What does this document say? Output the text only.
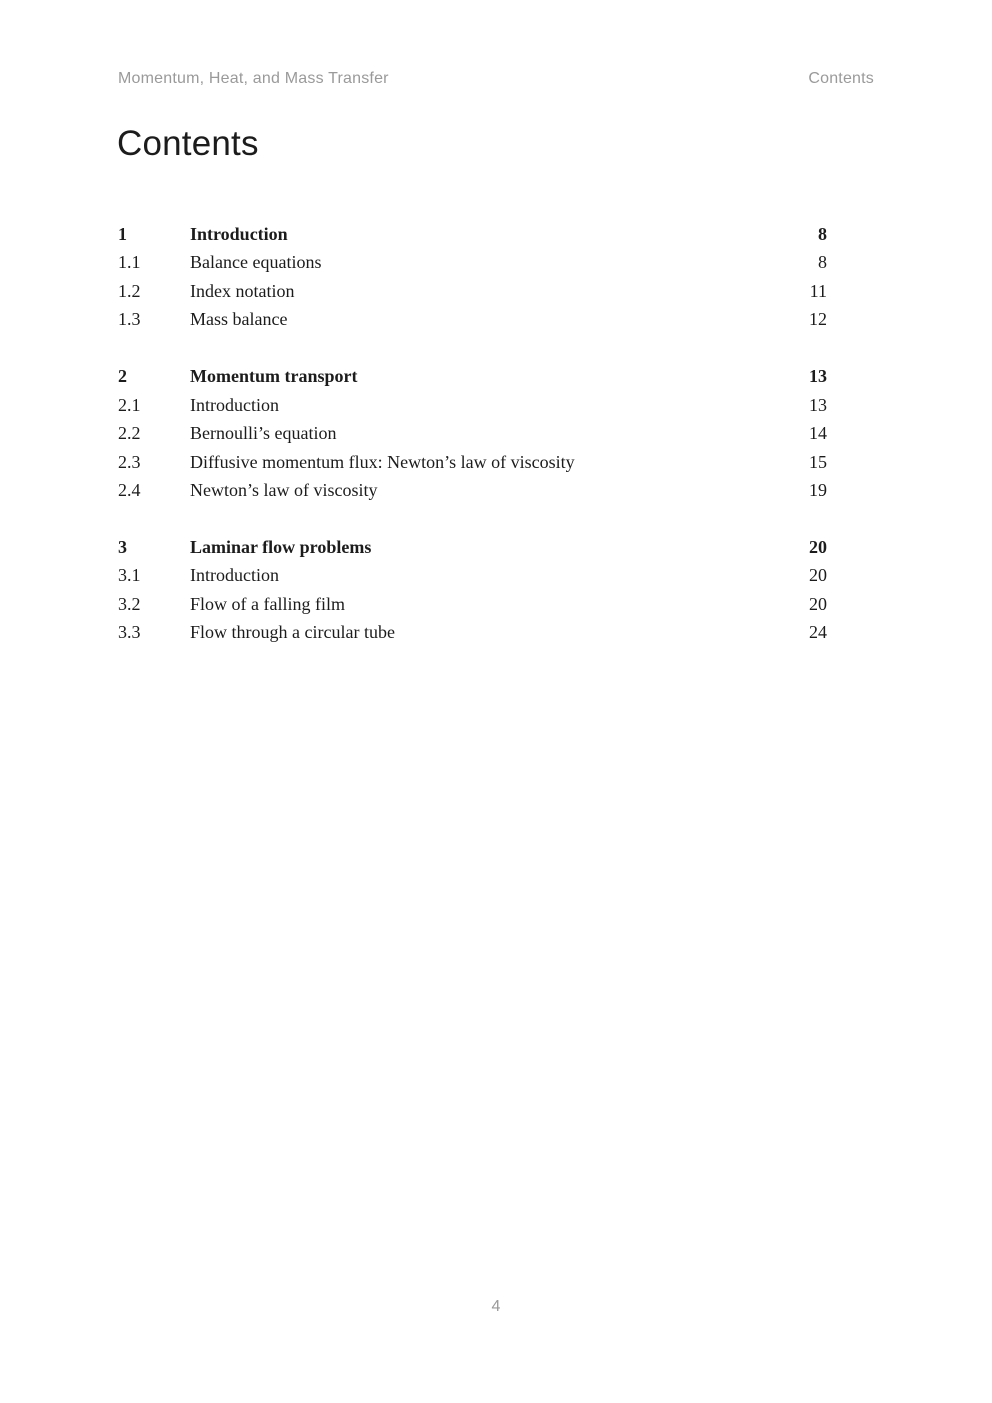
Momentum, Heat, and Mass Transfer	Contents
Contents
1	Introduction	8
1.1	Balance equations	8
1.2	Index notation	11
1.3	Mass balance	12
2	Momentum transport	13
2.1	Introduction	13
2.2	Bernoulli’s equation	14
2.3	Diffusive momentum flux: Newton’s law of viscosity	15
2.4	Newton’s law of viscosity	19
3	Laminar flow problems	20
3.1	Introduction	20
3.2	Flow of a falling film	20
3.3	Flow through a circular tube	24
4
